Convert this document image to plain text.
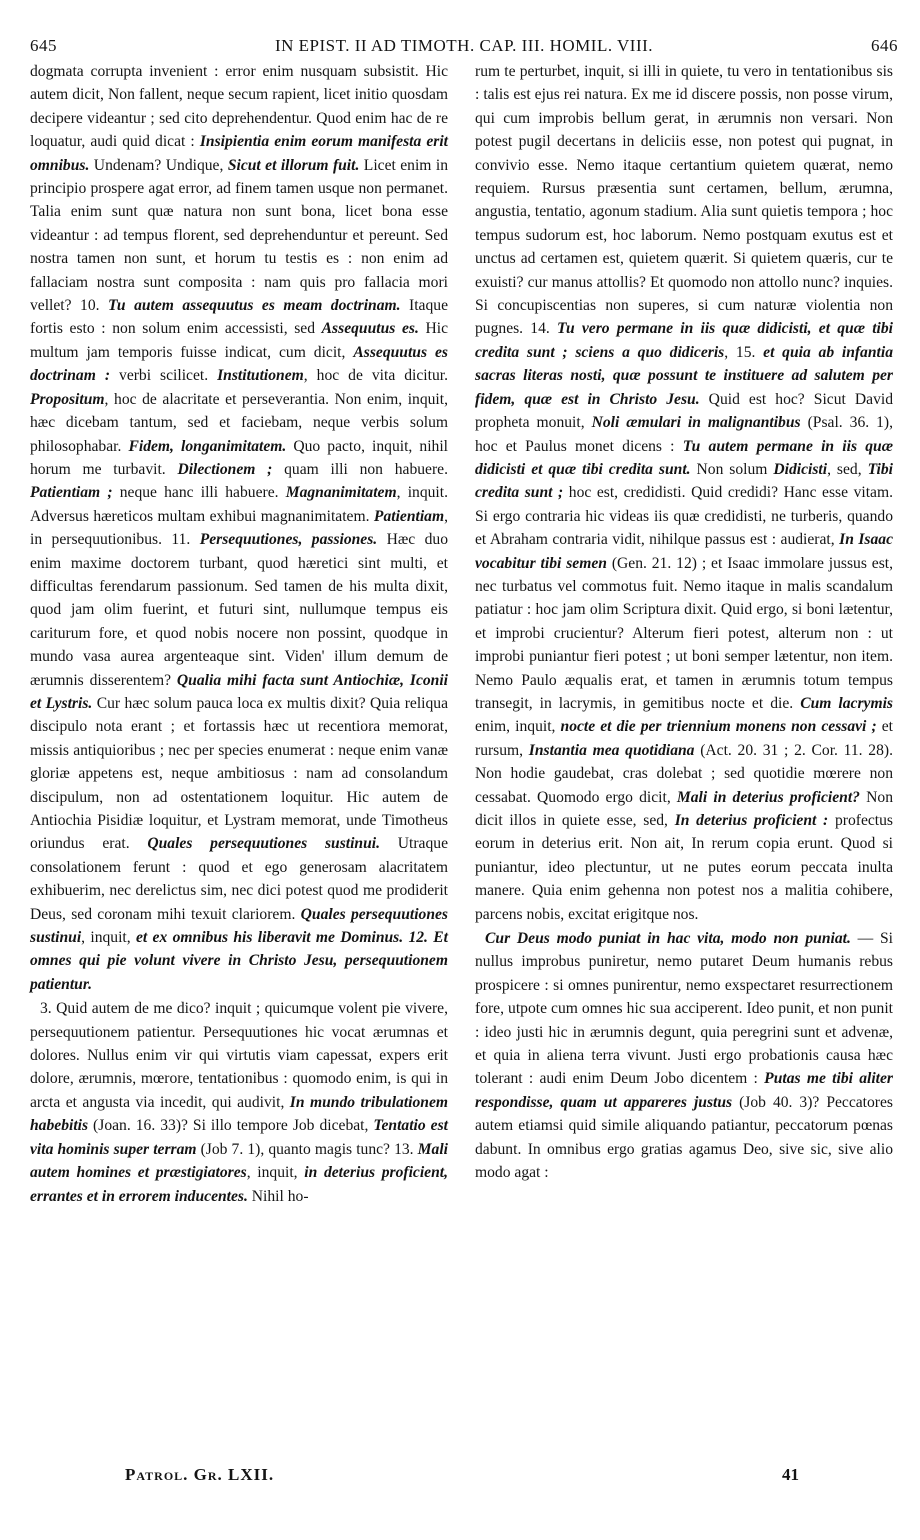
645	IN EPIST. II AD TIMOTH. CAP. III. HOMIL. VIII.	646

dogmata corrupta invenient : error enim nusquam subsistit. Hic autem dicit, Non fallent, neque secum rapient, licet initio quosdam decipere videantur ; sed cito deprehendentur. Quod enim hac de re loquatur, audi quid dicat : Insipientia enim eorum manifesta erit omnibus. Undenam? Undique, Sicut et illorum fuit. Licet enim in principio prospere agat error, ad finem tamen usque non permanet. Talia enim sunt quæ natura non sunt bona, licet bona esse videantur : ad tempus florent, sed deprehenduntur et pereunt. Sed nostra tamen non sunt, et horum tu testis es : non enim ad fallaciam nostra sunt composita : nam quis pro fallacia mori vellet? 10. Tu autem assequutus es meam doctrinam. Itaque fortis esto : non solum enim accessisti, sed Assequutus es. Hic multum jam temporis fuisse indicat, cum dicit, Assequutus es doctrinam : verbi scilicet. Institutionem, hoc de vita dicitur. Propositum, hoc de alacritate et perseverantia. Non enim, inquit, hæc dicebam tantum, sed et faciebam, neque verbis solum philosophabar. Fidem, longanimitatem. Quo pacto, inquit, nihil horum me turbavit. Dilectionem ; quam illi non habuere. Patientiam ; neque hanc illi habuere. Magnanimitatem, inquit. Adversus hæreticos multam exhibui magnanimitatem. Patientiam, in persequutionibus. 11. Persequutiones, passiones. Hæc duo enim maxime doctorem turbant, quod hæretici sint multi, et difficultas ferendarum passionum. Sed tamen de his multa dixit, quod jam olim fuerint, et futuri sint, nullumque tempus eis cariturum fore, et quod nobis nocere non possint, quodque in mundo vasa aurea argenteaque sint. Viden' illum demum de ærumnis disserentem? Qualia mihi facta sunt Antiochiæ, Iconii et Lystris. Cur hæc solum pauca loca ex multis dixit? Quia reliqua discipulo nota erant ; et fortassis hæc ut recentiora memorat, missis antiquioribus ; nec per species enumerat : neque enim vanæ gloriæ appetens est, neque ambitiosus : nam ad consolandum discipulum, non ad ostentationem loquitur. Hic autem de Antiochia Pisidiæ loquitur, et Lystram memorat, unde Timotheus oriundus erat. Quales persequutiones sustinui. Utraque consolationem ferunt : quod et ego generosam alacritatem exhibuerim, nec derelictus sim, nec dici potest quod me prodiderit Deus, sed coronam mihi texuit clariorem. Quales persequutiones sustinui, inquit, et ex omnibus his liberavit me Dominus. 12. Et omnes qui pie volunt vivere in Christo Jesu, persequutionem patientur.

3. Quid autem de me dico? inquit ; quicumque volent pie vivere, persequutionem patientur. Persequutiones hic vocat ærumnas et dolores. Nullus enim vir qui virtutis viam capessat, expers erit dolore, ærumnis, mœrore, tentationibus : quomodo enim, is qui in arcta et angusta via incedit, qui audivit, In mundo tribulationem habebitis (Joan. 16. 33)? Si illo tempore Job dicebat, Tentatio est vita hominis super terram (Job 7. 1), quanto magis tunc? 13. Mali autem homines et præstigiatores, inquit, in deterius proficient, errantes et in errorem inducentes. Nihil ho-

rum te perturbet, inquit, si illi in quiete, tu vero in tentationibus sis : talis est ejus rei natura. Ex me id discere possis, non posse virum, qui cum improbis bellum gerat, in ærumnis non versari. Non potest pugil decertans in deliciis esse, non potest qui pugnat, in convivio esse. Nemo itaque certantium quietem quærat, nemo requiem. Rursus præsentia sunt certamen, bellum, ærumna, angustia, tentatio, agonum stadium. Alia sunt quietis tempora ; hoc tempus sudorum est, hoc laborum. Nemo postquam exutus est et unctus ad certamen est, quietem quærit. Si quietem quæris, cur te exuisti? cur manus attollis? Et quomodo non attollo nunc? inquies. Si concupiscentias non superes, si cum naturæ violentia non pugnes. 14. Tu vero permane in iis quæ didicisti, et quæ tibi credita sunt ; sciens a quo didiceris, 15. et quia ab infantia sacras literas nosti, quæ possunt te instituere ad salutem per fidem, quæ est in Christo Jesu. Quid est hoc? Sicut David propheta monuit, Noli æmulari in malignantibus (Psal. 36. 1), hoc et Paulus monet dicens : Tu autem permane in iis quæ didicisti et quæ tibi credita sunt. Non solum Didicisti, sed, Tibi credita sunt ; hoc est, credidisti. Quid credidi? Hanc esse vitam. Si ergo contraria hic videas iis quæ credidisti, ne turberis, quando et Abraham contraria vidit, nihilque passus est : audierat, In Isaac vocabitur tibi semen (Gen. 21. 12) ; et Isaac immolare jussus est, nec turbatus vel commotus fuit. Nemo itaque in malis scandalum patiatur : hoc jam olim Scriptura dixit. Quid ergo, si boni lætentur, et improbi crucientur? Alterum fieri potest, alterum non : ut improbi puniantur fieri potest ; ut boni semper lætentur, non item. Nemo Paulo æqualis erat, et tamen in ærumnis totum tempus transegit, in lacrymis, in gemitibus nocte et die. Cum lacrymis enim, inquit, nocte et die per triennium monens non cessavi ; et rursum, Instantia mea quotidiana (Act. 20. 31 ; 2. Cor. 11. 28). Non hodie gaudebat, cras dolebat ; sed quotidie mœrere non cessabat. Quomodo ergo dicit, Mali in deterius proficient? Non dicit illos in quiete esse, sed, In deterius proficient : profectus eorum in deterius erit. Non ait, In rerum copia erunt. Quod si puniantur, ideo plectuntur, ut ne putes eorum peccata inulta manere. Quia enim gehenna non potest nos a malitia cohibere, parcens nobis, excitat erigitque nos.

Cur Deus modo puniat in hac vita, modo non puniat. — Si nullus improbus puniretur, nemo putaret Deum humanis rebus prospicere : si omnes punirentur, nemo exspectaret resurrectionem fore, utpote cum omnes hic sua acciperent. Ideo punit, et non punit : ideo justi hic in ærumnis degunt, quia peregrini sunt et advenæ, et quia in aliena terra vivunt. Justi ergo probationis causa hæc tolerant : audi enim Deum Jobo dicentem : Putas me tibi aliter respondisse, quam ut appareres justus (Job 40. 3)? Peccatores autem etiamsi quid simile aliquando patiantur, peccatorum pœnas dabunt. In omnibus ergo gratias agamus Deo, sive sic, sive alio modo agat :

Patrol. Gr. LXII.	41
